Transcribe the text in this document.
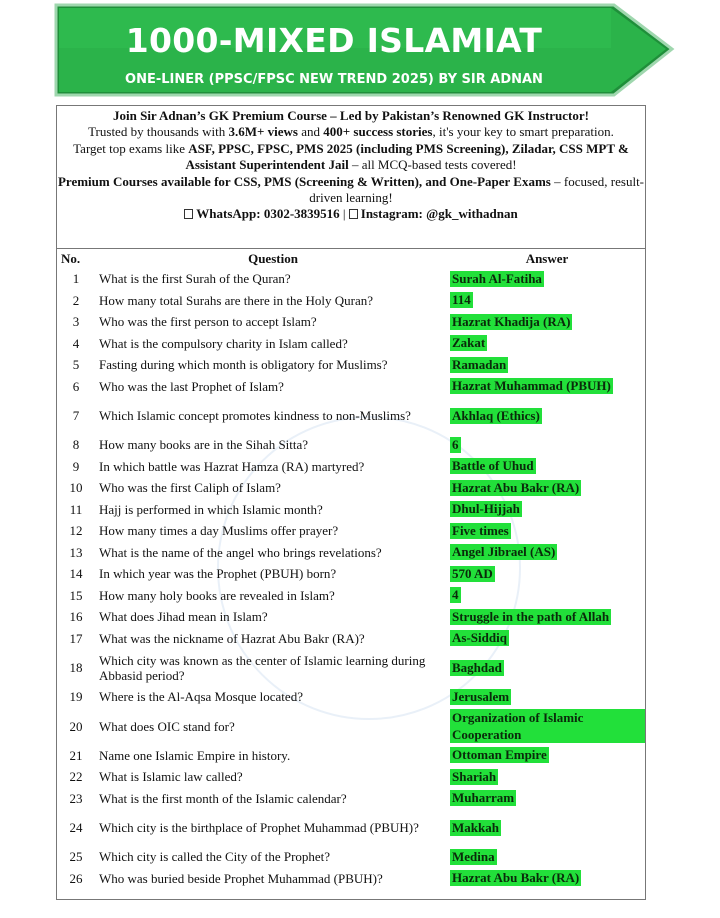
1000-MIXED ISLAMIAT
ONE-LINER (PPSC/FPSC NEW TREND 2025) BY SIR ADNAN

Join Sir Adnan’s GK Premium Course – Led by Pakistan’s Renowned GK Instructor!

Trusted by thousands with 3.6M+ views and 400+ success stories, it's your key to smart preparation.

Target top exams like ASF, PPSC, FPSC, PMS 2025 (including PMS Screening), Ziladar, CSS MPT & Assistant Superintendent Jail – all MCQ-based tests covered!

Premium Courses available for CSS, PMS (Screening & Written), and One-Paper Exams – focused, result-driven learning!

WhatsApp: 0302-3839516 | Instagram: @gk_withadnan

No.	Question	Answer
1	What is the first Surah of the Quran?	Surah Al-Fatiha
2	How many total Surahs are there in the Holy Quran?	114
3	Who was the first person to accept Islam?	Hazrat Khadija (RA)
4	What is the compulsory charity in Islam called?	Zakat
5	Fasting during which month is obligatory for Muslims?	Ramadan
6	Who was the last Prophet of Islam?	Hazrat Muhammad (PBUH)
7	Which Islamic concept promotes kindness to non-Muslims?	Akhlaq (Ethics)
8	How many books are in the Sihah Sitta?	6
9	In which battle was Hazrat Hamza (RA) martyred?	Battle of Uhud
10	Who was the first Caliph of Islam?	Hazrat Abu Bakr (RA)
11	Hajj is performed in which Islamic month?	Dhul-Hijjah
12	How many times a day Muslims offer prayer?	Five times
13	What is the name of the angel who brings revelations?	Angel Jibrael (AS)
14	In which year was the Prophet (PBUH) born?	570 AD
15	How many holy books are revealed in Islam?	4
16	What does Jihad mean in Islam?	Struggle in the path of Allah
17	What was the nickname of Hazrat Abu Bakr (RA)?	As-Siddiq
18	Which city was known as the center of Islamic learning during Abbasid period?	Baghdad
19	Where is the Al-Aqsa Mosque located?	Jerusalem
20	What does OIC stand for?	Organization of Islamic Cooperation
21	Name one Islamic Empire in history.	Ottoman Empire
22	What is Islamic law called?	Shariah
23	What is the first month of the Islamic calendar?	Muharram
24	Which city is the birthplace of Prophet Muhammad (PBUH)?	Makkah
25	Which city is called the City of the Prophet?	Medina
26	Who was buried beside Prophet Muhammad (PBUH)?	Hazrat Abu Bakr (RA)
